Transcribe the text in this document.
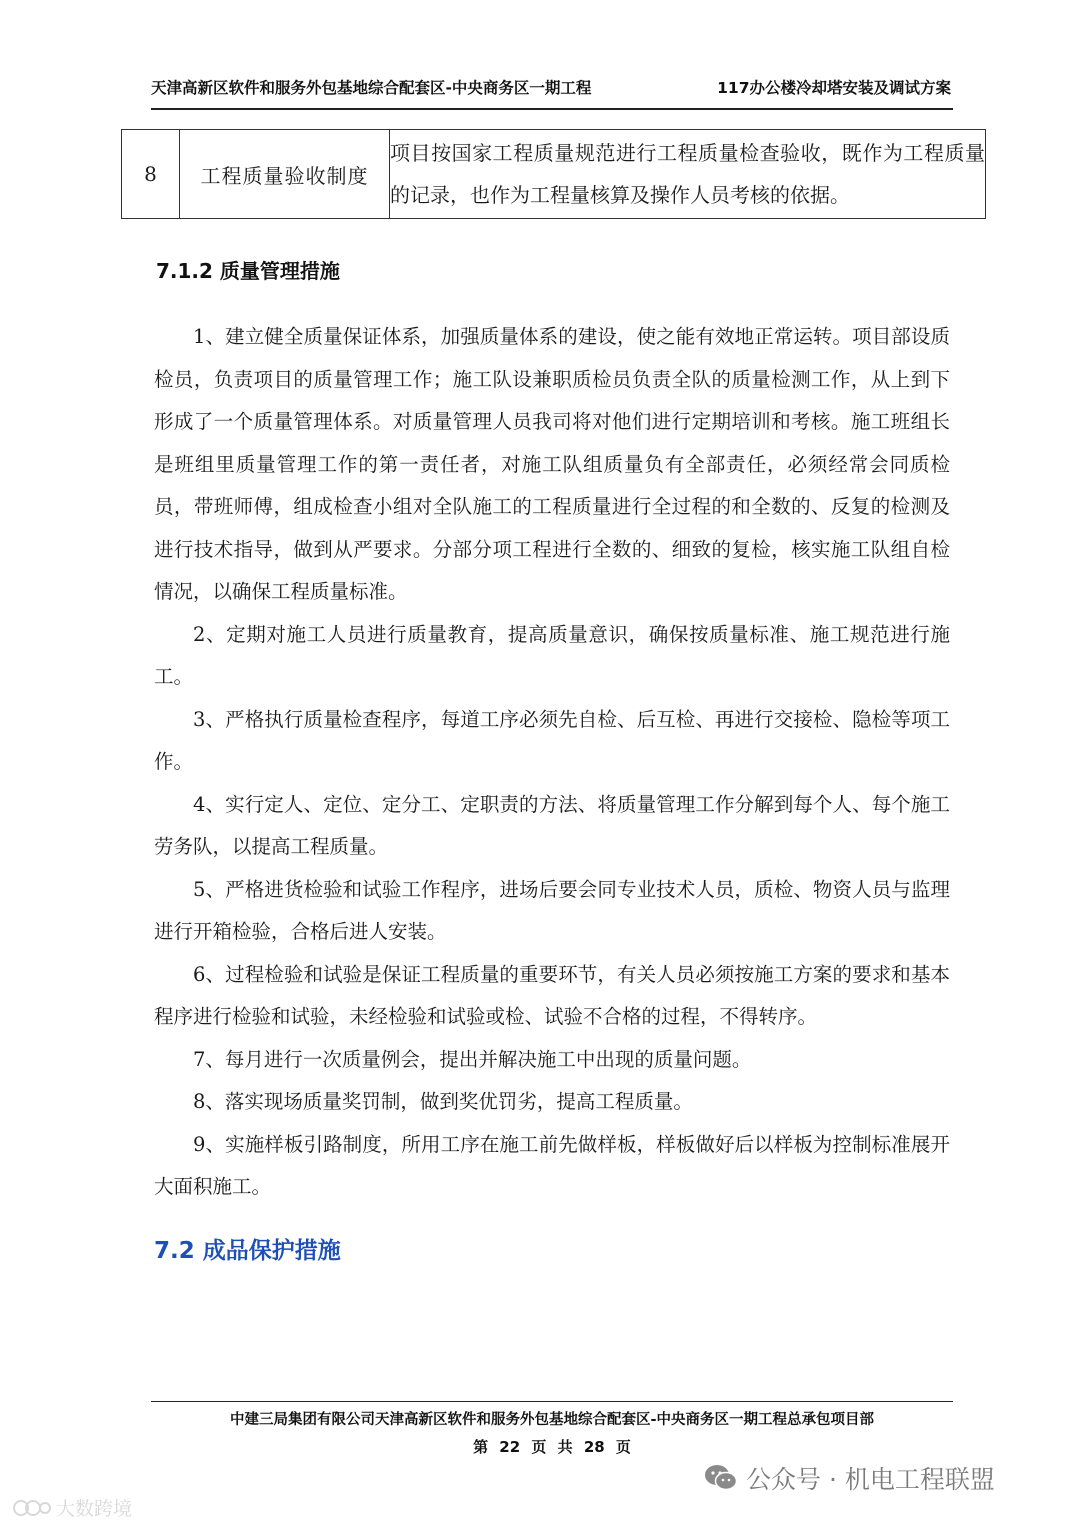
天津高新区软件和服务外包基地综合配套区-中央商务区一期工程	117办公楼冷却塔安装及调试方案
8	工程质量验收制度	项目按国家工程质量规范进行工程质量检查验收，既作为工程质量的记录，也作为工程量核算及操作人员考核的依据。
7.1.2 质量管理措施

1、建立健全质量保证体系，加强质量体系的建设，使之能有效地正常运转。项目部设质检员，负责项目的质量管理工作；施工队设兼职质检员负责全队的质量检测工作，从上到下形成了一个质量管理体系。对质量管理人员我司将对他们进行定期培训和考核。施工班组长是班组里质量管理工作的第一责任者，对施工队组质量负有全部责任，必须经常会同质检员，带班师傅，组成检查小组对全队施工的工程质量进行全过程的和全数的、反复的检测及进行技术指导，做到从严要求。分部分项工程进行全数的、细致的复检，核实施工队组自检情况，以确保工程质量标准。

2、定期对施工人员进行质量教育，提高质量意识，确保按质量标准、施工规范进行施工。

3、严格执行质量检查程序，每道工序必须先自检、后互检、再进行交接检、隐检等项工作。

4、实行定人、定位、定分工、定职责的方法、将质量管理工作分解到每个人、每个施工劳务队，以提高工程质量。

5、严格进货检验和试验工作程序，进场后要会同专业技术人员，质检、物资人员与监理进行开箱检验，合格后进人安装。

6、过程检验和试验是保证工程质量的重要环节，有关人员必须按施工方案的要求和基本程序进行检验和试验，未经检验和试验或检、试验不合格的过程，不得转序。

7、每月进行一次质量例会，提出并解决施工中出现的质量问题。

8、落实现场质量奖罚制，做到奖优罚劣，提高工程质量。

9、实施样板引路制度，所用工序在施工前先做样板，样板做好后以样板为控制标准展开大面积施工。

7.2 成品保护措施
中建三局集团有限公司天津高新区软件和服务外包基地综合配套区-中央商务区一期工程总承包项目部
第 22 页 共 28 页
公众号 · 机电工程联盟
大数跨境
